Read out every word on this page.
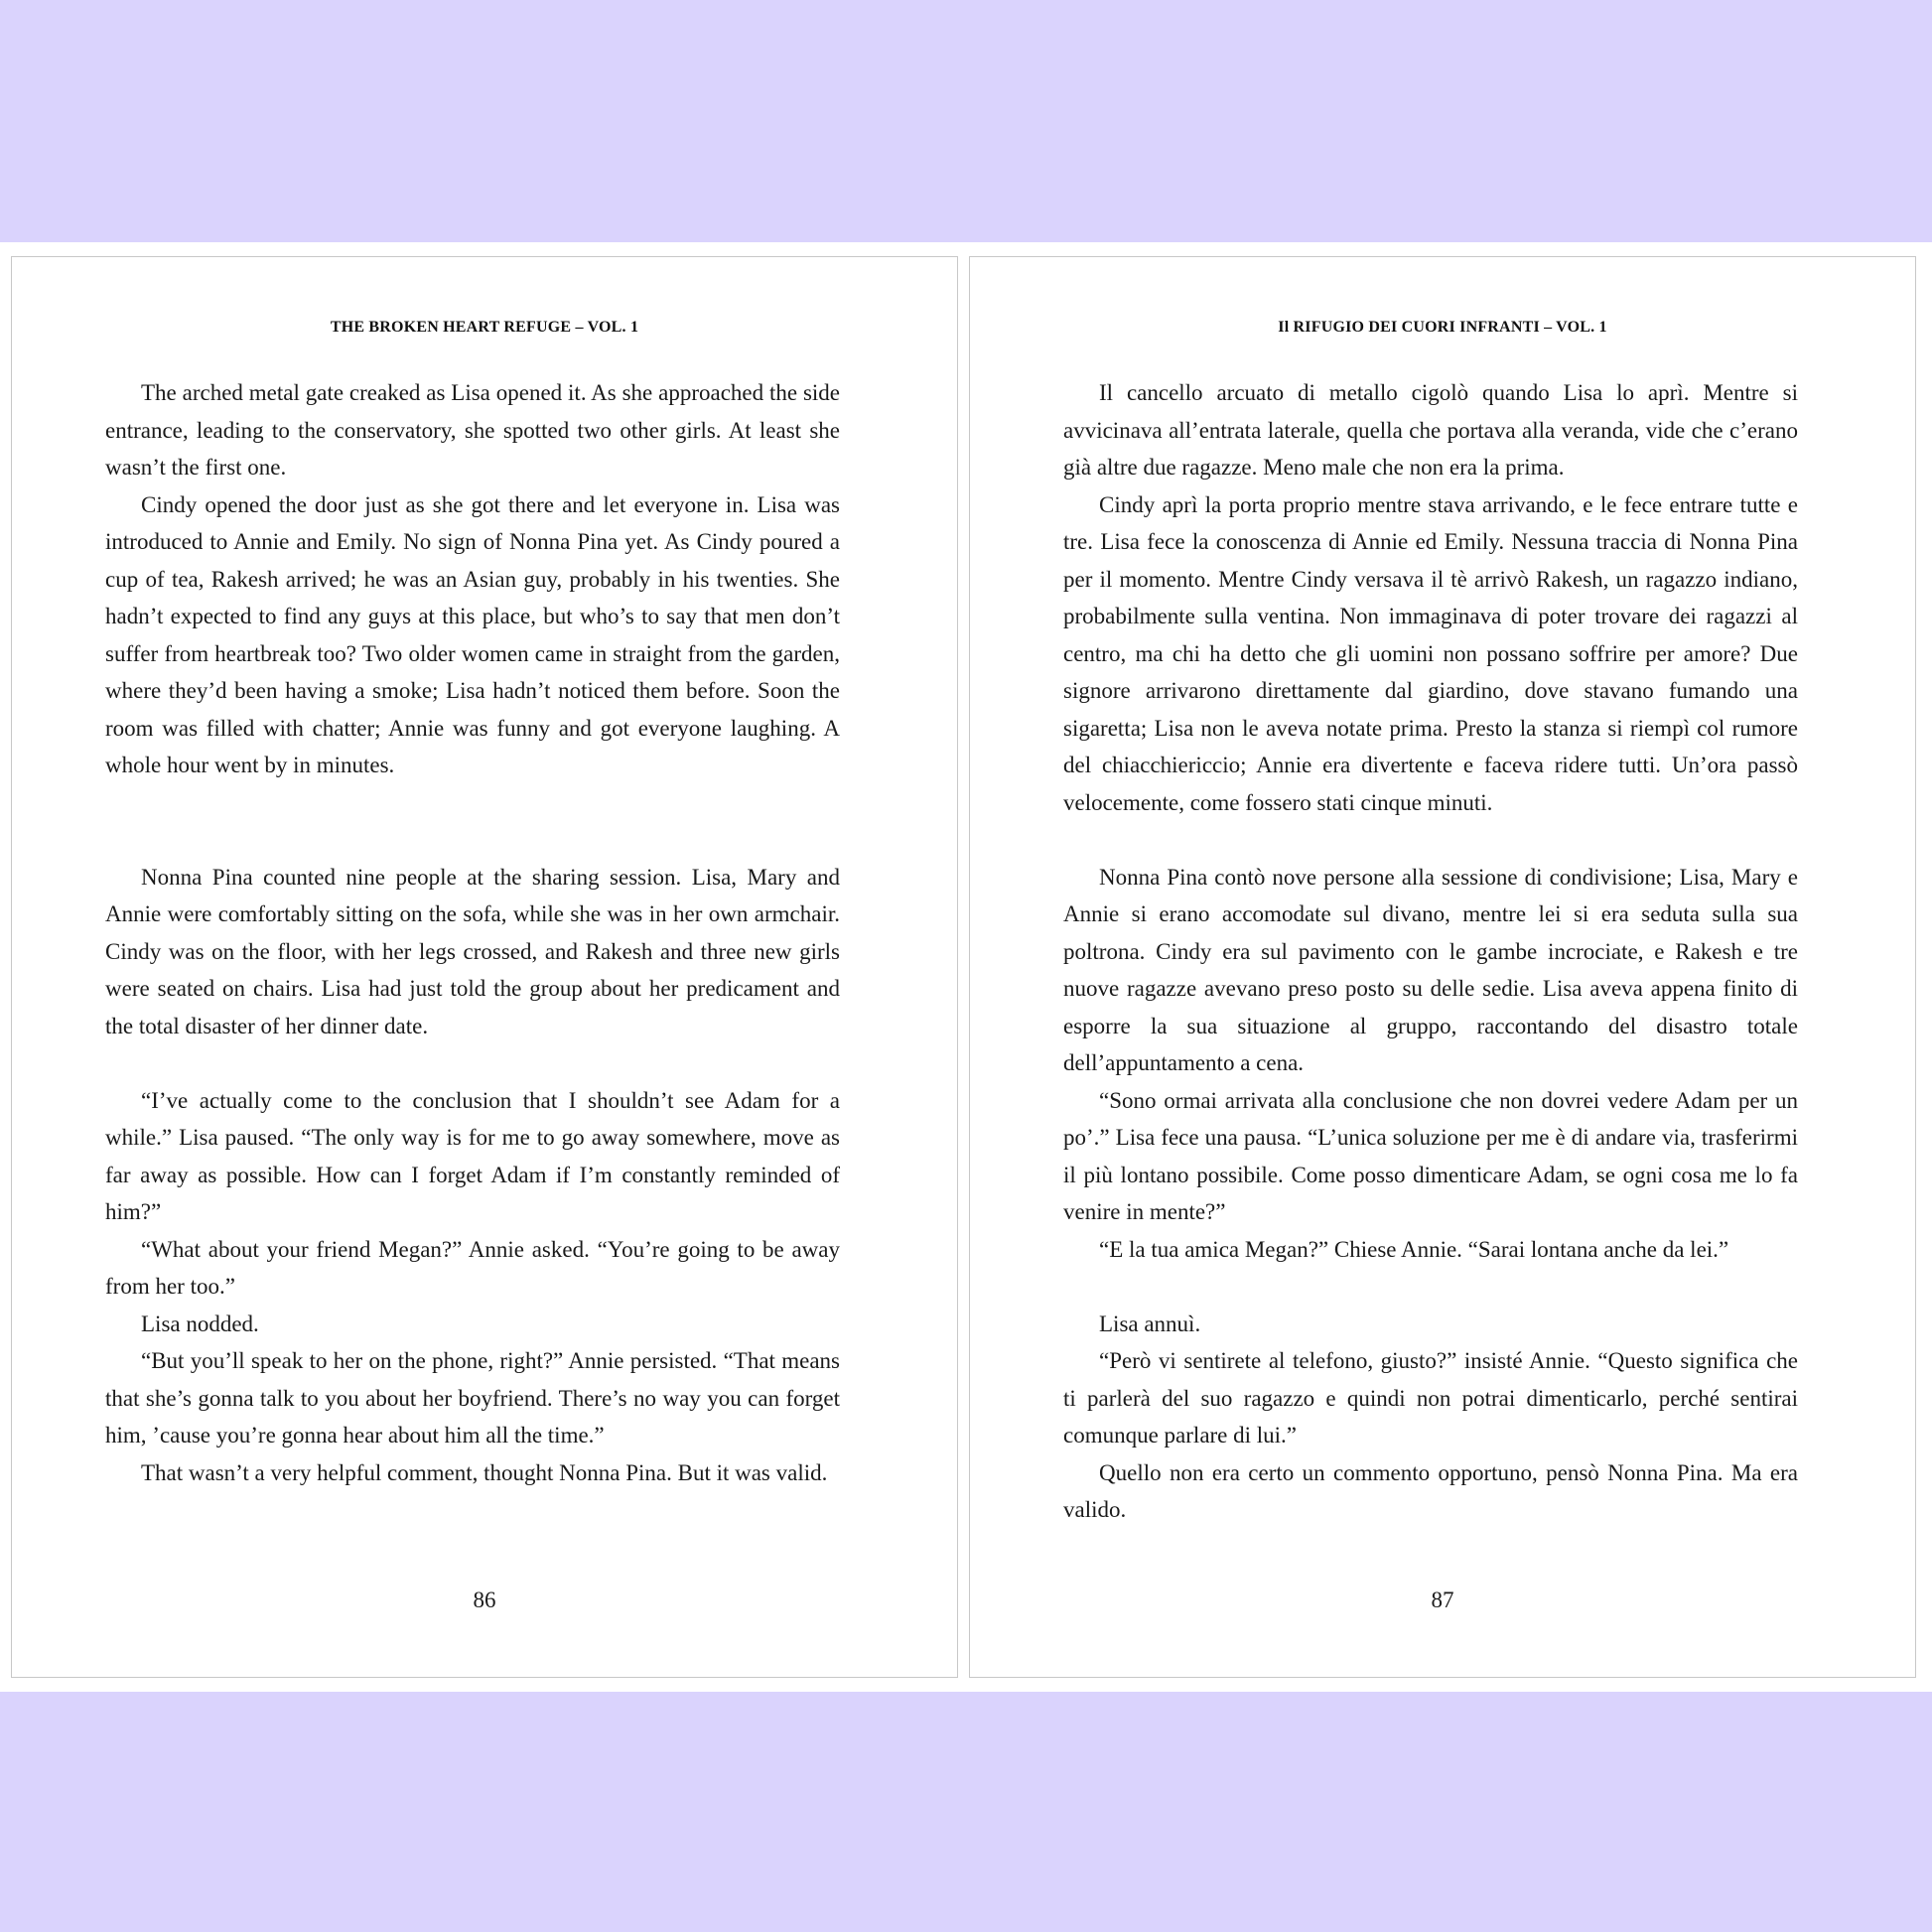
THE BROKEN HEART REFUGE – VOL. 1

The arched metal gate creaked as Lisa opened it. As she approached the side entrance, leading to the conservatory, she spotted two other girls. At least she wasn’t the first one.

Cindy opened the door just as she got there and let everyone in. Lisa was introduced to Annie and Emily. No sign of Nonna Pina yet. As Cindy poured a cup of tea, Rakesh arrived; he was an Asian guy, probably in his twenties. She hadn’t expected to find any guys at this place, but who’s to say that men don’t suffer from heartbreak too? Two older women came in straight from the garden, where they’d been having a smoke; Lisa hadn’t noticed them before. Soon the room was filled with chatter; Annie was funny and got everyone laughing. A whole hour went by in minutes.

Nonna Pina counted nine people at the sharing session. Lisa, Mary and Annie were comfortably sitting on the sofa, while she was in her own armchair. Cindy was on the floor, with her legs crossed, and Rakesh and three new girls were seated on chairs. Lisa had just told the group about her predicament and the total disaster of her dinner date.

“I’ve actually come to the conclusion that I shouldn’t see Adam for a while.” Lisa paused. “The only way is for me to go away somewhere, move as far away as possible. How can I forget Adam if I’m constantly reminded of him?”

“What about your friend Megan?” Annie asked. “You’re going to be away from her too.”

Lisa nodded.

“But you’ll speak to her on the phone, right?” Annie persisted. “That means that she’s gonna talk to you about her boyfriend. There’s no way you can forget him, ’cause you’re gonna hear about him all the time.”

That wasn’t a very helpful comment, thought Nonna Pina. But it was valid.

86
Il RIFUGIO DEI CUORI INFRANTI – VOL. 1

Il cancello arcuato di metallo cigolò quando Lisa lo aprì. Mentre si avvicinava all’entrata laterale, quella che portava alla veranda, vide che c’erano già altre due ragazze. Meno male che non era la prima.

Cindy aprì la porta proprio mentre stava arrivando, e le fece entrare tutte e tre. Lisa fece la conoscenza di Annie ed Emily. Nessuna traccia di Nonna Pina per il momento. Mentre Cindy versava il tè arrivò Rakesh, un ragazzo indiano, probabilmente sulla ventina. Non immaginava di poter trovare dei ragazzi al centro, ma chi ha detto che gli uomini non possano soffrire per amore? Due signore arrivarono direttamente dal giardino, dove stavano fumando una sigaretta; Lisa non le aveva notate prima. Presto la stanza si riempì col rumore del chiacchiericcio; Annie era divertente e faceva ridere tutti. Un’ora passò velocemente, come fossero stati cinque minuti.

Nonna Pina contò nove persone alla sessione di condivisione; Lisa, Mary e Annie si erano accomodate sul divano, mentre lei si era seduta sulla sua poltrona. Cindy era sul pavimento con le gambe incrociate, e Rakesh e tre nuove ragazze avevano preso posto su delle sedie. Lisa aveva appena finito di esporre la sua situazione al gruppo, raccontando del disastro totale dell’appuntamento a cena.

“Sono ormai arrivata alla conclusione che non dovrei vedere Adam per un po’.” Lisa fece una pausa. “L’unica soluzione per me è di andare via, trasferirmi il più lontano possibile. Come posso dimenticare Adam, se ogni cosa me lo fa venire in mente?”

“E la tua amica Megan?” Chiese Annie. “Sarai lontana anche da lei.”

Lisa annuì.

“Però vi sentirete al telefono, giusto?” insisté Annie. “Questo significa che ti parlerà del suo ragazzo e quindi non potrai dimenticarlo, perché sentirai comunque parlare di lui.”

Quello non era certo un commento opportuno, pensò Nonna Pina. Ma era valido.

87
